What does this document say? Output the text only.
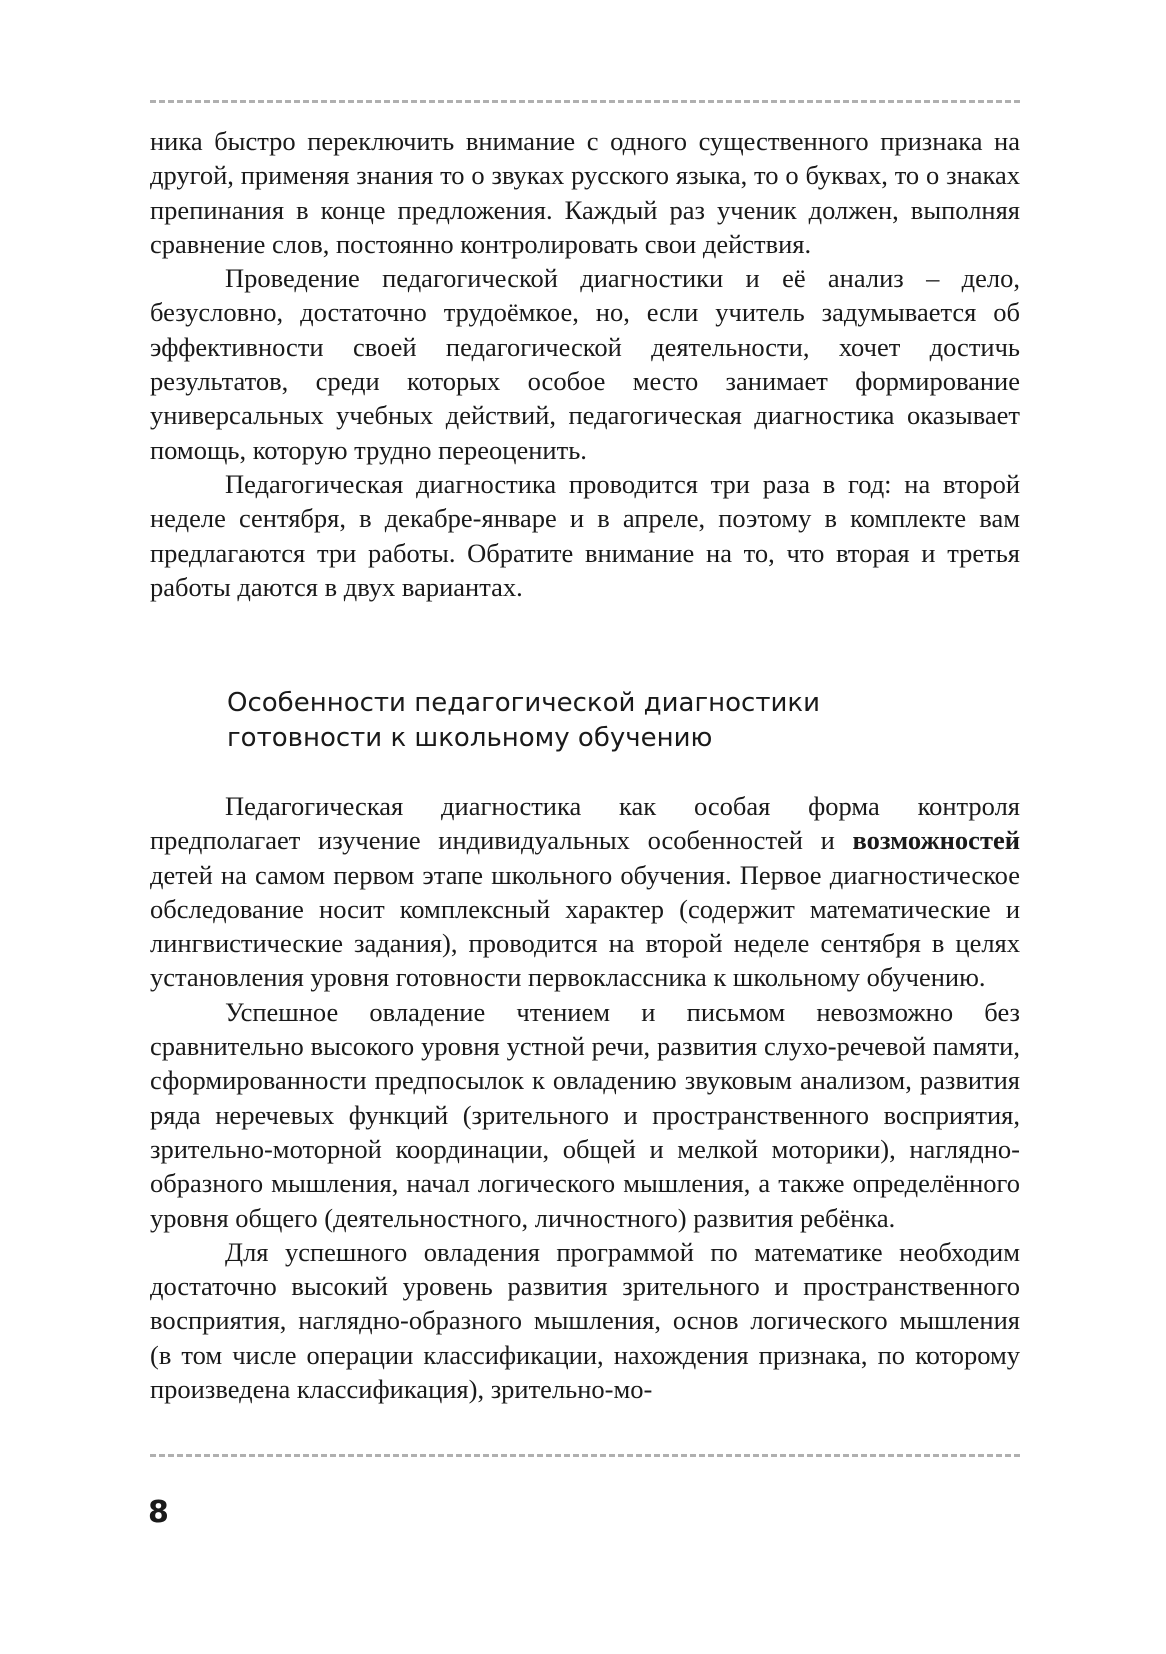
ника быстро переключить внимание с одного существенного признака на другой, применяя знания то о звуках русского языка, то о буквах, то о знаках препинания в конце предложения. Каждый раз ученик должен, выполняя сравнение слов, постоянно контролировать свои действия.

Проведение педагогической диагностики и её анализ – дело, безусловно, достаточно трудоёмкое, но, если учитель задумывается об эффективности своей педагогической деятельности, хочет достичь результатов, среди которых особое место занимает формирование универсальных учебных действий, педагогическая диагностика оказывает помощь, которую трудно переоценить.

Педагогическая диагностика проводится три раза в год: на второй неделе сентября, в декабре-январе и в апреле, поэтому в комплекте вам предлагаются три работы. Обратите внимание на то, что вторая и третья работы даются в двух вариантах.

Особенности педагогической диагностики
готовности к школьному обучению

Педагогическая диагностика как особая форма контроля предполагает изучение индивидуальных особенностей и возможностей детей на самом первом этапе школьного обучения. Первое диагностическое обследование носит комплексный характер (содержит математические и лингвистические задания), проводится на второй неделе сентября в целях установления уровня готовности первоклассника к школьному обучению.

Успешное овладение чтением и письмом невозможно без сравнительно высокого уровня устной речи, развития слухо-речевой памяти, сформированности предпосылок к овладению звуковым анализом, развития ряда неречевых функций (зрительного и пространственного восприятия, зрительно-моторной координации, общей и мелкой моторики), наглядно-образного мышления, начал логического мышления, а также определённого уровня общего (деятельностного, личностного) развития ребёнка.

Для успешного овладения программой по математике необходим достаточно высокий уровень развития зрительного и пространственного восприятия, наглядно-образного мышления, основ логического мышления (в том числе операции классификации, нахождения признака, по которому произведена классификация), зрительно-мо-

8
